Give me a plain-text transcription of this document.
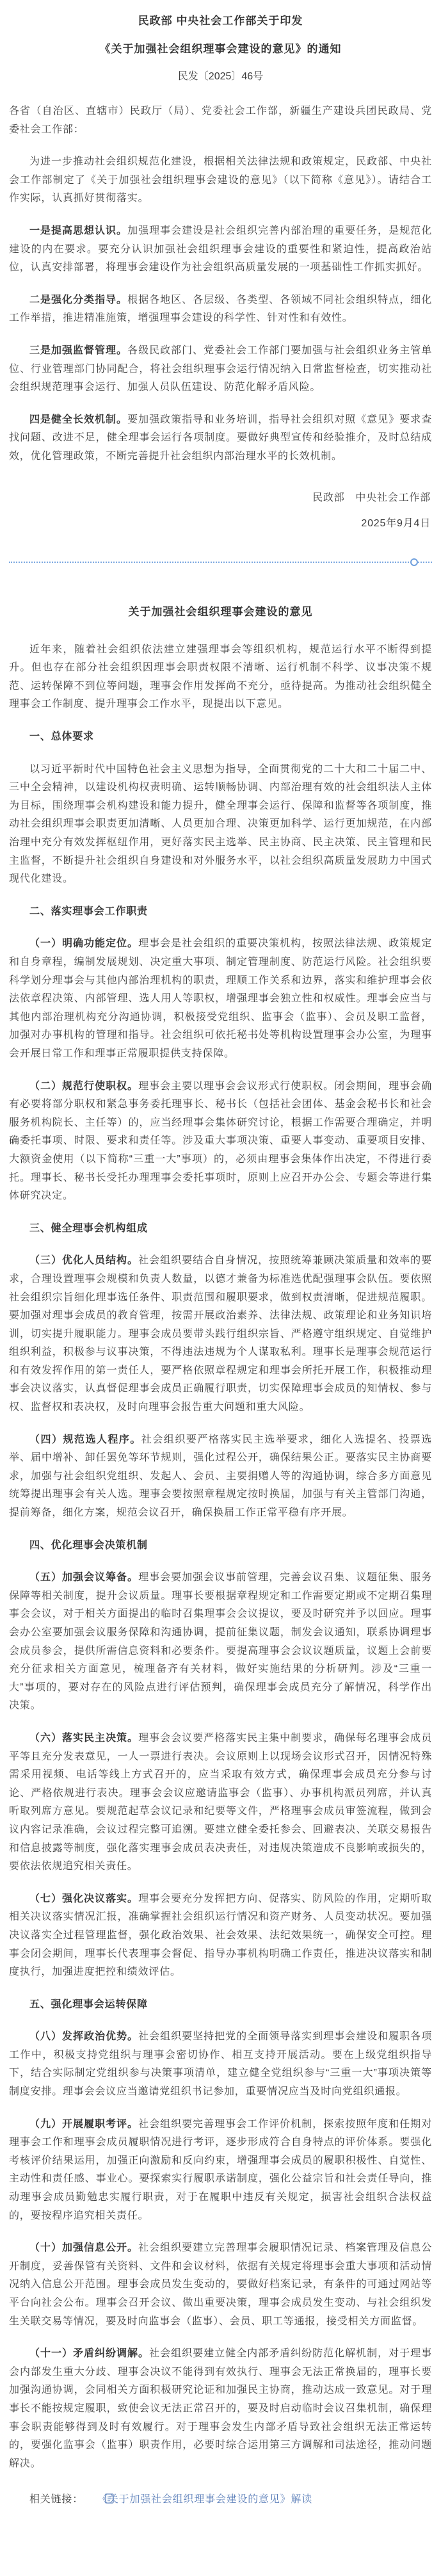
民政部 中央社会工作部关于印发
《关于加强社会组织理事会建设的意见》的通知
民发〔2025〕46号

各省（自治区、直辖市）民政厅（局）、党委社会工作部，新疆生产建设兵团民政局、党委社会工作部：

为进一步推动社会组织规范化建设，根据相关法律法规和政策规定，民政部、中央社会工作部制定了《关于加强社会组织理事会建设的意见》（以下简称《意见》）。请结合工作实际，认真抓好贯彻落实。

一是提高思想认识。加强理事会建设是社会组织完善内部治理的重要任务，是规范化建设的内在要求。要充分认识加强社会组织理事会建设的重要性和紧迫性，提高政治站位，认真安排部署，将理事会建设作为社会组织高质量发展的一项基础性工作抓实抓好。

二是强化分类指导。根据各地区、各层级、各类型、各领域不同社会组织特点，细化工作举措，推进精准施策，增强理事会建设的科学性、针对性和有效性。

三是加强监督管理。各级民政部门、党委社会工作部门要加强与社会组织业务主管单位、行业管理部门协同配合，将社会组织理事会运行情况纳入日常监督检查，切实推动社会组织规范理事会运行、加强人员队伍建设、防范化解矛盾风险。

四是健全长效机制。要加强政策指导和业务培训，指导社会组织对照《意见》要求查找问题、改进不足，健全理事会运行各项制度。要做好典型宣传和经验推介，及时总结成效，优化管理政策，不断完善提升社会组织内部治理水平的长效机制。

民政部　中央社会工作部
2025年9月4日
关于加强社会组织理事会建设的意见

近年来，随着社会组织依法建立建强理事会等组织机构，规范运行水平不断得到提升。但也存在部分社会组织因理事会职责权限不清晰、运行机制不科学、议事决策不规范、运转保障不到位等问题，理事会作用发挥尚不充分，亟待提高。为推动社会组织健全理事会工作制度、提升理事会工作水平，现提出以下意见。

一、总体要求

以习近平新时代中国特色社会主义思想为指导，全面贯彻党的二十大和二十届二中、三中全会精神，以建设机构权责明确、运转顺畅协调、内部治理有效的社会组织法人主体为目标，围绕理事会机构建设和能力提升，健全理事会运行、保障和监督等各项制度，推动社会组织理事会职责更加清晰、人员更加合理、决策更加科学、运行更加规范，在内部治理中充分有效发挥枢纽作用，更好落实民主选举、民主协商、民主决策、民主管理和民主监督，不断提升社会组织自身建设和对外服务水平，以社会组织高质量发展助力中国式现代化建设。

二、落实理事会工作职责

（一）明确功能定位。理事会是社会组织的重要决策机构，按照法律法规、政策规定和自身章程，编制发展规划、决定重大事项、制定管理制度、防范运行风险。社会组织要科学划分理事会与其他内部治理机构的职责，理顺工作关系和边界，落实和维护理事会依法依章程决策、内部管理、选人用人等职权，增强理事会独立性和权威性。理事会应当与其他内部治理机构充分沟通协调，积极接受党组织、监事会（监事）、会员及职工监督，加强对办事机构的管理和指导。社会组织可依托秘书处等机构设置理事会办公室，为理事会开展日常工作和理事正常履职提供支持保障。

（二）规范行使职权。理事会主要以理事会会议形式行使职权。闭会期间，理事会确有必要将部分职权和紧急事务委托理事长、秘书长（包括社会团体、基金会秘书长和社会服务机构院长、主任等）的，应当经理事会集体研究讨论，根据工作需要合理确定，并明确委托事项、时限、要求和责任等。涉及重大事项决策、重要人事变动、重要项目安排、大额资金使用（以下简称“三重一大”事项）的，必须由理事会集体作出决定，不得进行委托。理事长、秘书长受托办理理事会委托事项时，原则上应召开办公会、专题会等进行集体研究决定。

三、健全理事会机构组成

（三）优化人员结构。社会组织要结合自身情况，按照统筹兼顾决策质量和效率的要求，合理设置理事会规模和负责人数量，以德才兼备为标准选优配强理事会队伍。要依照社会组织宗旨细化理事选任条件、职责范围和履职要求，做到权责清晰，促进规范履职。要加强对理事会成员的教育管理，按需开展政治素养、法律法规、政策理论和业务知识培训，切实提升履职能力。理事会成员要带头践行组织宗旨、严格遵守组织规定、自觉维护组织利益，积极参与议事决策，不得违法违规为个人谋取私利。理事长是理事会规范运行和有效发挥作用的第一责任人，要严格依照章程规定和理事会所托开展工作，积极推动理事会决议落实，认真督促理事会成员正确履行职责，切实保障理事会成员的知情权、参与权、监督权和表决权，及时向理事会报告重大问题和重大风险。

（四）规范选人程序。社会组织要严格落实民主选举要求，细化人选提名、投票选举、届中增补、卸任罢免等环节规则，强化过程公开，确保结果公正。要落实民主协商要求，加强与社会组织党组织、发起人、会员、主要捐赠人等的沟通协调，综合多方面意见统筹提出理事会有关人选。理事会要按照章程规定按时换届，加强与有关主管部门沟通，提前筹备，细化方案，规范会议召开，确保换届工作正常平稳有序开展。

四、优化理事会决策机制

（五）加强会议筹备。理事会要加强会议事前管理，完善会议召集、议题征集、服务保障等相关制度，提升会议质量。理事长要根据章程规定和工作需要定期或不定期召集理事会会议，对于相关方面提出的临时召集理事会会议提议，要及时研究并予以回应。理事会办公室要加强会议服务保障和沟通协调，提前征集议题，制发会议通知，联系协调理事会成员参会，提供所需信息资料和必要条件。要提高理事会会议议题质量，议题上会前要充分征求相关方面意见，梳理备齐有关材料，做好实施结果的分析研判。涉及“三重一大”事项的，要对存在的风险点进行评估预判，确保理事会成员充分了解情况，科学作出决策。

（六）落实民主决策。理事会会议要严格落实民主集中制要求，确保每名理事会成员平等且充分发表意见，一人一票进行表决。会议原则上以现场会议形式召开，因情况特殊需采用视频、电话等线上方式召开的，应当采取有效方式，确保理事会成员充分参与讨论、严格依规进行表决。理事会会议应邀请监事会（监事）、办事机构派员列席，并认真听取列席方意见。要规范起草会议记录和纪要等文件，严格理事会成员审签流程，做到会议内容记录准确，会议过程完整可追溯。要建立健全委托参会、回避表决、关联交易报告和信息披露等制度，强化落实理事会成员表决责任，对违规决策造成不良影响或损失的，要依法依规追究相关责任。

（七）强化决议落实。理事会要充分发挥把方向、促落实、防风险的作用，定期听取相关决议落实情况汇报，准确掌握社会组织运行情况和资产财务、人员变动状况。要加强决议落实全过程管理监督，强化政治效果、社会效果、法纪效果统一，确保安全可控。理事会闭会期间，理事长代表理事会督促、指导办事机构明确工作责任，推进决议落实和制度执行，加强进度把控和绩效评估。

五、强化理事会运转保障

（八）发挥政治优势。社会组织要坚持把党的全面领导落实到理事会建设和履职各项工作中，积极支持党组织与理事会密切协作、相互支持开展活动。要在上级党组织指导下，结合实际制定党组织参与决策事项清单，建立健全党组织参与“三重一大”事项决策等制度安排。理事会会议应当邀请党组织书记参加，重要情况应当及时向党组织通报。

（九）开展履职考评。社会组织要完善理事会工作评价机制，探索按照年度和任期对理事会工作和理事会成员履职情况进行考评，逐步形成符合自身特点的评价体系。要强化考核评价结果运用，加强正向激励和反向约束，增强理事会成员的履职积极性、自觉性、主动性和责任感、事业心。要探索实行履职承诺制度，强化公益宗旨和社会责任导向，推动理事会成员勤勉忠实履行职责，对于在履职中违反有关规定，损害社会组织合法权益的，要按程序追究相关责任。

（十）加强信息公开。社会组织要建立完善理事会履职情况记录、档案管理及信息公开制度，妥善保管有关资料、文件和会议材料，依据有关规定将理事会重大事项和活动情况纳入信息公开范围。理事会成员发生变动的，要做好档案记录，有条件的可通过网站等平台向社会公布。理事会召开会议、做出重要决策，理事会成员发生变动、与社会组织发生关联交易等情况，要及时向监事会（监事）、会员、职工等通报，接受相关方面监督。

（十一）矛盾纠纷调解。社会组织要建立健全内部矛盾纠纷防范化解机制，对于理事会内部发生重大分歧、理事会决议不能得到有效执行、理事会无法正常换届的，理事长要加强沟通协调，会同相关方面积极研究论证和加强民主协商，推动达成一致意见。对于理事长不能按规定履职，致使会议无法正常召开的，要及时启动临时会议召集机制，确保理事会职责能够得到及时有效履行。对于理事会发生内部矛盾导致社会组织无法正常运转的，要强化监事会（监事）职责作用，必要时综合运用第三方调解和司法途径，推动问题解决。

相关链接： 《关于加强社会组织理事会建设的意见》解读
